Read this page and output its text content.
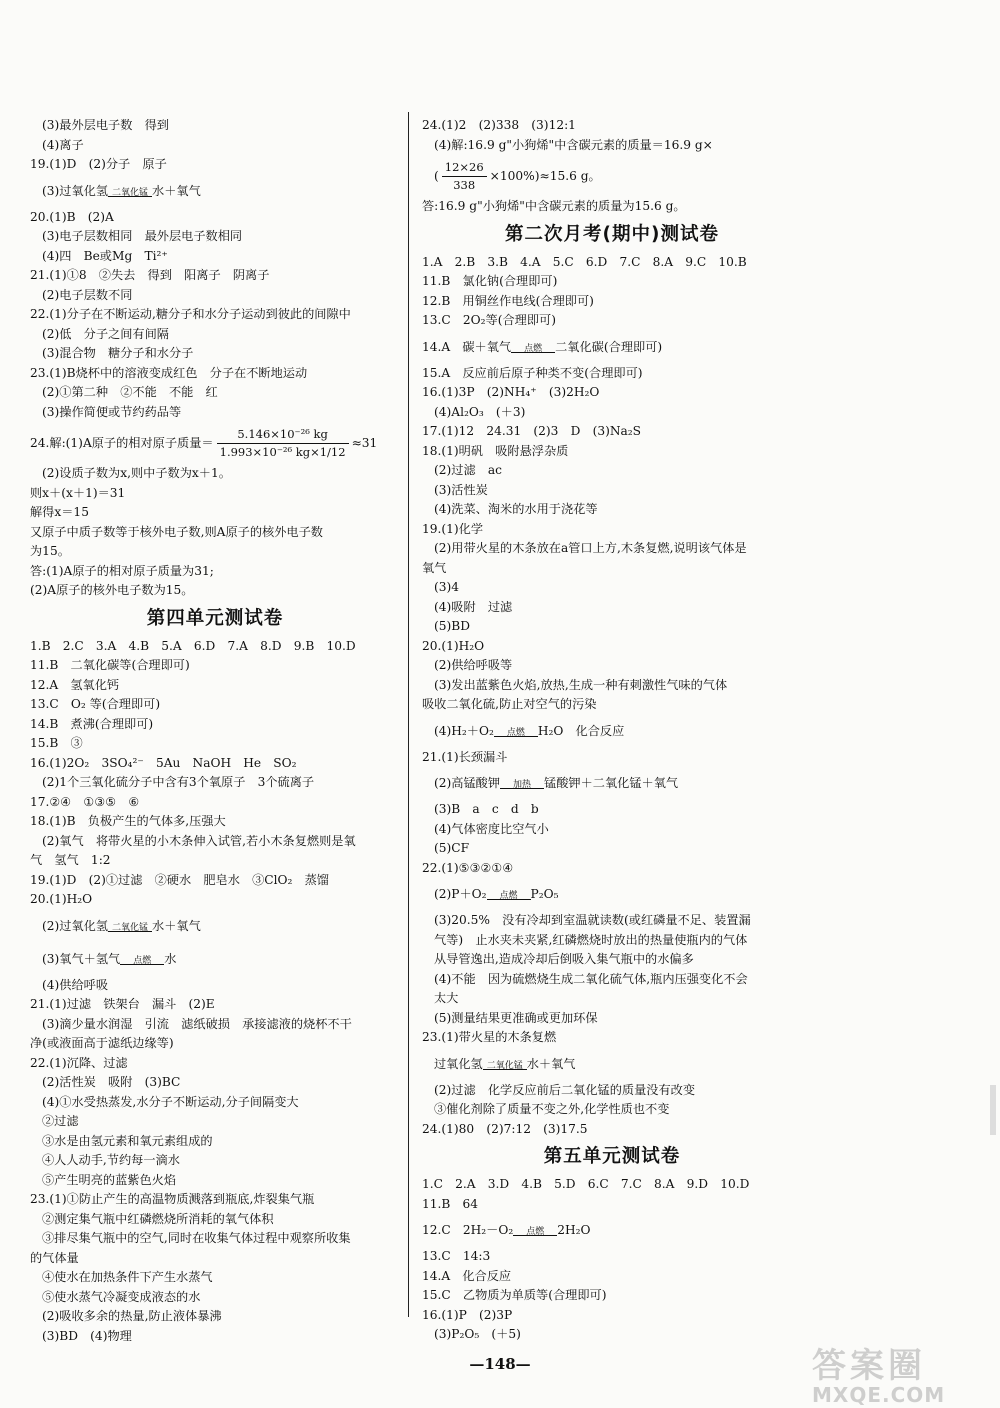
(3)最外层电子数　得到
(4)离子
19.(1)D　(2)分子　原子
(3)过氧化氢 二氧化锰 水＋氧气
20.(1)B　(2)A
(3)电子层数相同　最外层电子数相同
(4)四　Be或Mg　Ti²⁺
21.(1)①8　②失去　得到　阳离子　阴离子
(2)电子层数不同
22.(1)分子在不断运动,糖分子和水分子运动到彼此的间隙中
(2)低　分子之间有间隔
(3)混合物　糖分子和水分子
23.(1)B烧杯中的溶液变成红色　分子在不断地运动
(2)①第二种　②不能　不能　红
(3)操作简便或节约药品等
24.解:(1)A原子的相对原子质量＝ $\frac{\text{5.146×10⁻²⁶ kg}}{\text{1.993×10⁻²⁶ kg×1/12}} \approx 31$
(2)设质子数为x,则中子数为x＋1。
则x＋(x＋1)＝31
解得x＝15
又原子中质子数等于核外电子数,则A原子的核外电子数
为15。
答:(1)A原子的相对原子质量为31;
(2)A原子的核外电子数为15。
第四单元测试卷
1.B　2.C　3.A　4.B　5.A　6.D　7.A　8.D　9.B　10.D
11.B　二氧化碳等(合理即可)
12.A　氢氧化钙
13.C　O₂ 等(合理即可)
14.B　煮沸(合理即可)
15.B　③
16.(1)2O₂　3SO₄²⁻　5Au　NaOH　He　SO₂
(2)1个三氧化硫分子中含有3个氧原子　3个硫离子
17.②④　①③⑤　⑥
18.(1)B　负极产生的气体多,压强大
(2)氧气　将带火星的小木条伸入试管,若小木条复燃则是氧
气　氢气　1:2
19.(1)D　(2)①过滤　②硬水　肥皂水　③ClO₂　蒸馏
20.(1)H₂O
(2)过氧化氢 二氧化锰 水＋氧气
(3)氧气＋氢气	点燃	水
(4)供给呼吸
21.(1)过滤　铁架台　漏斗　(2)E
(3)滴少量水润湿　引流　滤纸破损　承接滤液的烧杯不干
净(或液面高于滤纸边缘等)
22.(1)沉降、过滤
(2)活性炭　吸附　(3)BC
(4)①水受热蒸发,水分子不断运动,分子间隔变大
②过滤
③水是由氢元素和氧元素组成的
④人人动手,节约每一滴水
⑤产生明亮的蓝紫色火焰
23.(1)①防止产生的高温物质溅落到瓶底,炸裂集气瓶
②测定集气瓶中红磷燃烧所消耗的氧气体积
③排尽集气瓶中的空气,同时在收集气体过程中观察所收集
的气体量
④使水在加热条件下产生水蒸气
⑤使水蒸气冷凝变成液态的水
(2)吸收多余的热量,防止液体暴沸
(3)BD　(4)物理
24.(1)2　(2)338　(3)12:1
(4)解:16.9 g"小狗烯"中含碳元素的质量＝16.9 g×
( $\frac{12\times 26}{338} \times 100\%)\approx 15.6$ g。
答:16.9 g"小狗烯"中含碳元素的质量为15.6 g。
第二次月考(期中)测试卷
1.A　2.B　3.B　4.A　5.C　6.D　7.C　8.A　9.C　10.B
11.B　氯化钠(合理即可)
12.B　用铜丝作电线(合理即可)
13.C　2O₂等(合理即可)
14.A　碳＋氧气	点燃	二氧化碳(合理即可)
15.A　反应前后原子种类不变(合理即可)
16.(1)3P　(2)NH₄⁺　(3)2H₂O
(4)Al₂O₃　(＋3)
17.(1)12　24.31　(2)3　D　(3)Na₂S
18.(1)明矾　吸附悬浮杂质
(2)过滤　ac
(3)活性炭
(4)洗菜、淘米的水用于浇花等
19.(1)化学
(2)用带火星的木条放在a管口上方,木条复燃,说明该气体是
氧气
(3)4
(4)吸附　过滤
(5)BD
20.(1)H₂O
(2)供给呼吸等
(3)发出蓝紫色火焰,放热,生成一种有刺激性气味的气体
吸收二氧化硫,防止对空气的污染
(4)H₂＋O₂	点燃	H₂O　化合反应
21.(1)长颈漏斗
(2)高锰酸钾	加热	锰酸钾＋二氧化锰＋氧气
(3)B　a　c　d　b
(4)气体密度比空气小
(5)CF
22.(1)⑤③②①④
(2)P＋O₂	点燃	P₂O₅
(3)20.5%　没有冷却到室温就读数(或红磷量不足、装置漏
气等)　止水夹未夹紧,红磷燃烧时放出的热量使瓶内的气体
从导管逸出,造成冷却后倒吸入集气瓶中的水偏多
(4)不能　因为硫燃烧生成二氧化硫气体,瓶内压强变化不会
太大
(5)测量结果更准确或更加环保
23.(1)带火星的木条复燃
过氧化氢 二氧化锰 水＋氧气
(2)过滤　化学反应前后二氧化锰的质量没有改变
③催化剂除了质量不变之外,化学性质也不变
24.(1)80　(2)7:12　(3)17.5
第五单元测试卷
1.C　2.A　3.D　4.B　5.D　6.C　7.C　8.A　9.D　10.D
11.B　64
12.C　2H₂－O₂	点燃	2H₂O
13.C　14:3
14.A　化合反应
15.C　乙物质为单质等(合理即可)
16.(1)P　(2)3P
(3)P₂O₅　(＋5)
—148—	答案圈
MXQE.COM
